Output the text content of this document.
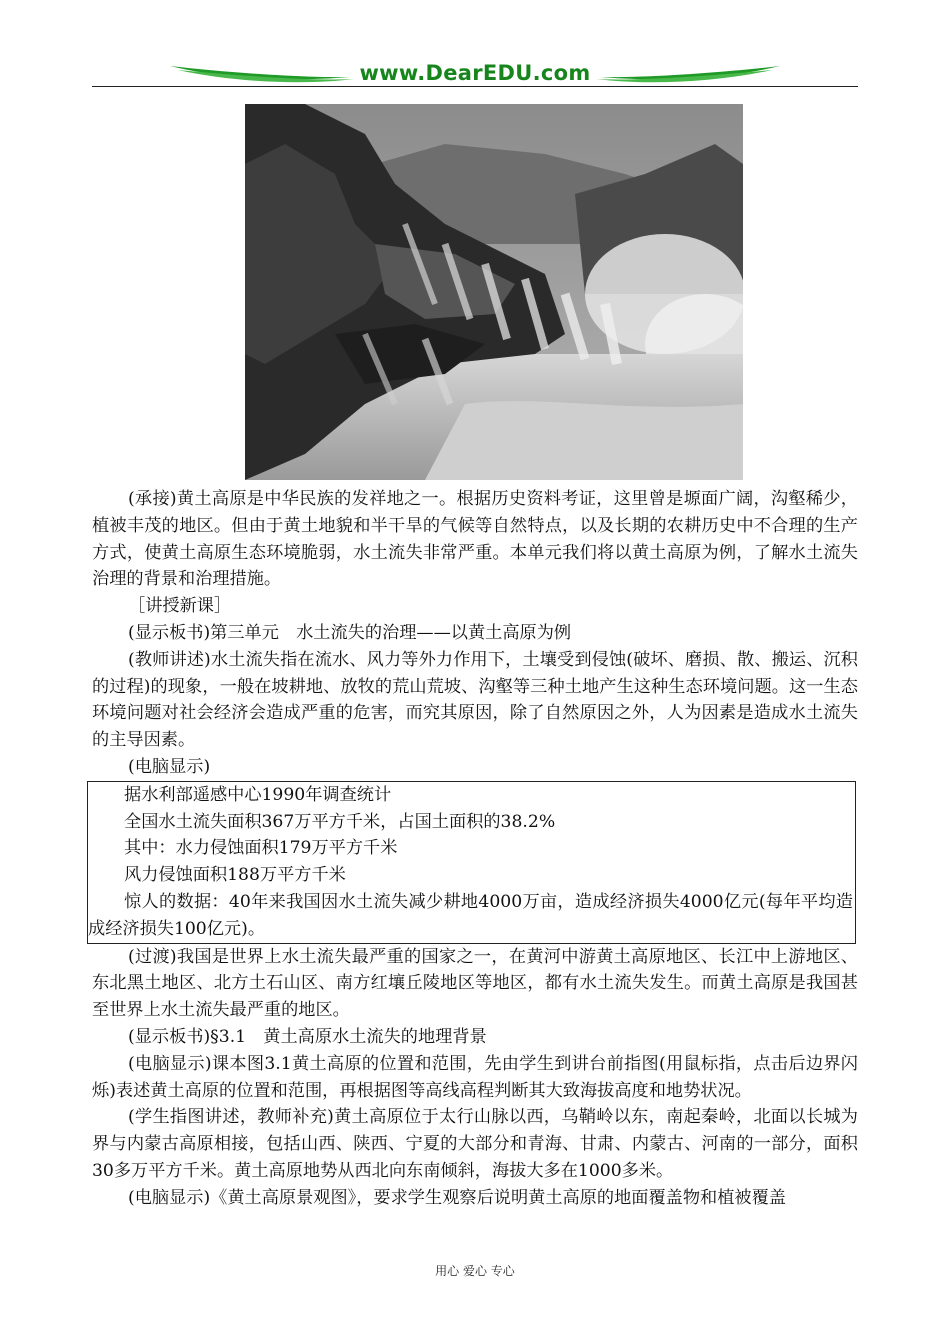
www.DearEDU.com

(承接)黄土高原是中华民族的发祥地之一。根据历史资料考证，这里曾是塬面广阔，沟壑稀少，植被丰茂的地区。但由于黄土地貌和半干旱的气候等自然特点，以及长期的农耕历史中不合理的生产方式，使黄土高原生态环境脆弱，水土流失非常严重。本单元我们将以黄土高原为例，了解水土流失治理的背景和治理措施。

［讲授新课］

(显示板书)第三单元　水土流失的治理——以黄土高原为例

(教师讲述)水土流失指在流水、风力等外力作用下，土壤受到侵蚀(破坏、磨损、散、搬运、沉积的过程)的现象，一般在坡耕地、放牧的荒山荒坡、沟壑等三种土地产生这种生态环境问题。这一生态环境问题对社会经济会造成严重的危害，而究其原因，除了自然原因之外，人为因素是造成水土流失的主导因素。

(电脑显示)

据水利部遥感中心1990年调查统计

全国水土流失面积367万平方千米，占国土面积的38.2%

其中：水力侵蚀面积179万平方千米

风力侵蚀面积188万平方千米

惊人的数据：40年来我国因水土流失减少耕地4000万亩，造成经济损失4000亿元(每年平均造成经济损失100亿元)。

(过渡)我国是世界上水土流失最严重的国家之一，在黄河中游黄土高原地区、长江中上游地区、东北黑土地区、北方土石山区、南方红壤丘陵地区等地区，都有水土流失发生。而黄土高原是我国甚至世界上水土流失最严重的地区。

(显示板书)§3.1　黄土高原水土流失的地理背景

(电脑显示)课本图3.1黄土高原的位置和范围，先由学生到讲台前指图(用鼠标指，点击后边界闪烁)表述黄土高原的位置和范围，再根据图等高线高程判断其大致海拔高度和地势状况。

(学生指图讲述，教师补充)黄土高原位于太行山脉以西，乌鞘岭以东，南起秦岭，北面以长城为界与内蒙古高原相接，包括山西、陕西、宁夏的大部分和青海、甘肃、内蒙古、河南的一部分，面积30多万平方千米。黄土高原地势从西北向东南倾斜，海拔大多在1000多米。

(电脑显示)《黄土高原景观图》，要求学生观察后说明黄土高原的地面覆盖物和植被覆盖

用心 爱心 专心
